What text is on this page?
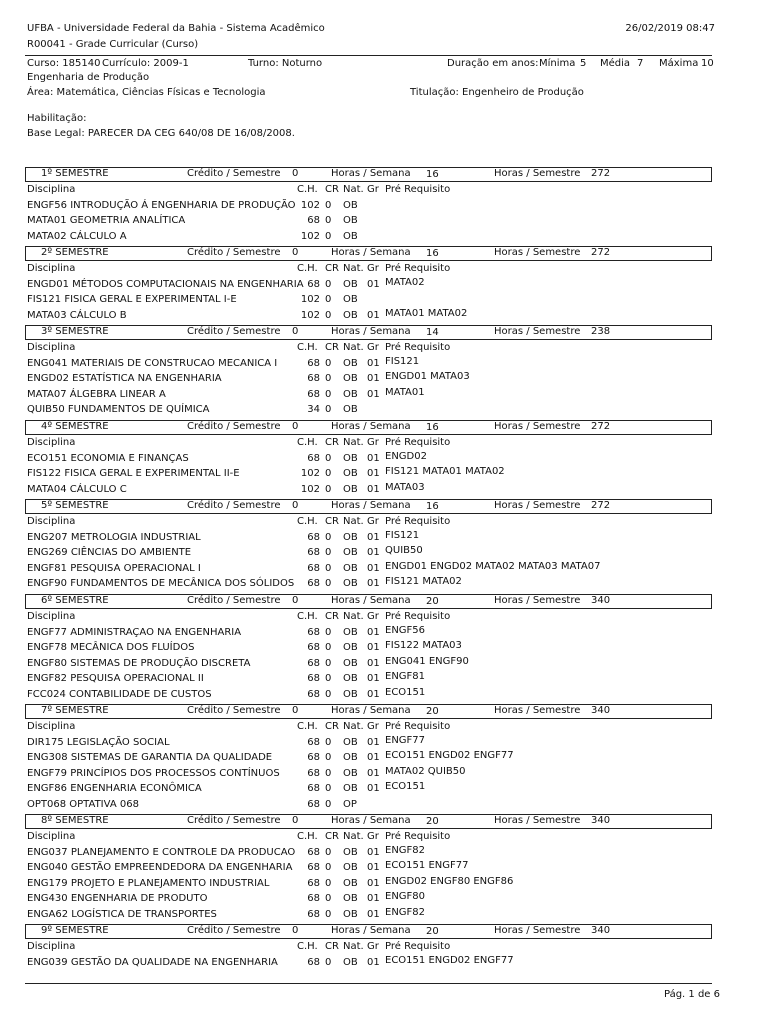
UFBA - Universidade Federal da Bahia - Sistema Acadêmico	26/02/2019 08:47
R00041 - Grade Curricular (Curso)
Curso: 185140 Currículo: 2009-1	Turno: Noturno	Duração em anos: Mínima 5 Média 7 Máxima 10
Engenharia de Produção
Área: Matemática, Ciências Físicas e Tecnologia	Titulação: Engenheiro de Produção
Habilitação:
Base Legal: PARECER DA CEG 640/08 DE 16/08/2008.
1º SEMESTRE	Crédito / Semestre 0	Horas / Semana 16	Horas / Semestre 272
Disciplina	C.H. CR Nat. Gr Pré Requisito
ENGF56 INTRODUÇÃO Á ENGENHARIA DE PRODUÇÃO 102 0 OB
MATA01 GEOMETRIA ANALÍTICA	68 0 OB
MATA02 CÁLCULO A	102 0 OB
2º SEMESTRE	Crédito / Semestre 0	Horas / Semana 16	Horas / Semestre 272
Disciplina	C.H. CR Nat. Gr Pré Requisito
ENGD01 MÉTODOS COMPUTACIONAIS NA ENGENHARIA 68 0 OB 01 MATA02
FIS121 FISICA GERAL E EXPERIMENTAL I-E	102 0 OB
MATA03 CÁLCULO B	102 0 OB 01 MATA01 MATA02
3º SEMESTRE	Crédito / Semestre 0	Horas / Semana 14	Horas / Semestre 238
Disciplina	C.H. CR Nat. Gr Pré Requisito
ENG041 MATERIAIS DE CONSTRUCAO MECANICA I	68 0 OB 01 FIS121
ENGD02 ESTATÍSTICA NA ENGENHARIA	68 0 OB 01 ENGD01 MATA03
MATA07 ÁLGEBRA LINEAR A	68 0 OB 01 MATA01
QUIB50 FUNDAMENTOS DE QUÍMICA	34 0 OB
4º SEMESTRE	Crédito / Semestre 0	Horas / Semana 16	Horas / Semestre 272
Disciplina	C.H. CR Nat. Gr Pré Requisito
ECO151 ECONOMIA E FINANÇAS	68 0 OB 01 ENGD02
FIS122 FISICA GERAL E EXPERIMENTAL II-E	102 0 OB 01 FIS121 MATA01 MATA02
MATA04 CÁLCULO C	102 0 OB 01 MATA03
5º SEMESTRE	Crédito / Semestre 0	Horas / Semana 16	Horas / Semestre 272
Disciplina	C.H. CR Nat. Gr Pré Requisito
ENG207 METROLOGIA INDUSTRIAL	68 0 OB 01 FIS121
ENG269 CIÊNCIAS DO AMBIENTE	68 0 OB 01 QUIB50
ENGF81 PESQUISA OPERACIONAL I	68 0 OB 01 ENGD01 ENGD02 MATA02 MATA03 MATA07
ENGF90 FUNDAMENTOS DE MECÂNICA DOS SÓLIDOS 68 0 OB 01 FIS121 MATA02
6º SEMESTRE	Crédito / Semestre 0	Horas / Semana 20	Horas / Semestre 340
Disciplina	C.H. CR Nat. Gr Pré Requisito
ENGF77 ADMINISTRAÇAO NA ENGENHARIA	68 0 OB 01 ENGF56
ENGF78 MECÂNICA DOS FLUÍDOS	68 0 OB 01 FIS122 MATA03
ENGF80 SISTEMAS DE PRODUÇÃO DISCRETA	68 0 OB 01 ENG041 ENGF90
ENGF82 PESQUISA OPERACIONAL II	68 0 OB 01 ENGF81
FCC024 CONTABILIDADE DE CUSTOS	68 0 OB 01 ECO151
7º SEMESTRE	Crédito / Semestre 0	Horas / Semana 20	Horas / Semestre 340
Disciplina	C.H. CR Nat. Gr Pré Requisito
DIR175 LEGISLAÇÃO SOCIAL	68 0 OB 01 ENGF77
ENG308 SISTEMAS DE GARANTIA DA QUALIDADE	68 0 OB 01 ECO151 ENGD02 ENGF77
ENGF79 PRINCÍPIOS DOS PROCESSOS CONTÍNUOS	68 0 OB 01 MATA02 QUIB50
ENGF86 ENGENHARIA ECONÔMICA	68 0 OB 01 ECO151
OPT068 OPTATIVA 068	68 0 OP
8º SEMESTRE	Crédito / Semestre 0	Horas / Semana 20	Horas / Semestre 340
Disciplina	C.H. CR Nat. Gr Pré Requisito
ENG037 PLANEJAMENTO E CONTROLE DA PRODUCAO 68 0 OB 01 ENGF82
ENG040 GESTÃO EMPREENDEDORA DA ENGENHARIA 68 0 OB 01 ECO151 ENGF77
ENG179 PROJETO E PLANEJAMENTO INDUSTRIAL	68 0 OB 01 ENGD02 ENGF80 ENGF86
ENG430 ENGENHARIA DE PRODUTO	68 0 OB 01 ENGF80
ENGA62 LOGÍSTICA DE TRANSPORTES	68 0 OB 01 ENGF82
9º SEMESTRE	Crédito / Semestre 0	Horas / Semana 20	Horas / Semestre 340
Disciplina	C.H. CR Nat. Gr Pré Requisito
ENG039 GESTÃO DA QUALIDADE NA ENGENHARIA	68 0 OB 01 ECO151 ENGD02 ENGF77
Pág. 1 de 6
